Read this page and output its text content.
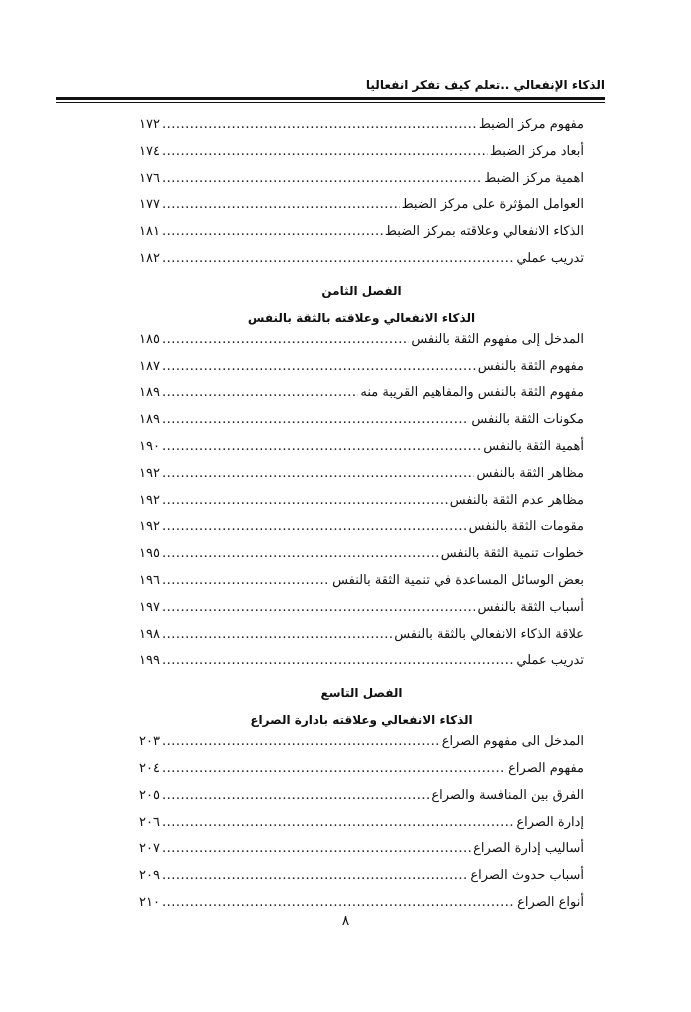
الذكاء الإنفعالي ..تعلم كيف تفكر انفعاليا
مفهوم مركز الضبط
.....
١٧٢
أبعاد مركز الضبط
.....
١٧٤
اهمية مركز الضبط
.....
١٧٦
العوامل المؤثرة على مركز الضبط
.....
١٧٧
الذكاء الانفعالي وعلاقته بمركز الضبط
.....
١٨١
تدريب عملي
.....
١٨٢
الفصل الثامن
الذكاء الانفعالي وعلاقته بالثقة بالنفس
المدخل إلى مفهوم الثقة بالنفس
.....
١٨٥
مفهوم الثقة بالنفس
.....
١٨٧
مفهوم الثقة بالنفس والمفاهيم القريبة منه
.....
١٨٩
مكونات الثقة بالنفس
.....
١٨٩
أهمية الثقة بالنفس
.....
١٩٠
مظاهر الثقة بالنفس
.....
١٩٢
مظاهر عدم الثقة بالنفس
.....
١٩٢
مقومات الثقة بالنفس
.....
١٩٢
خطوات تنمية الثقة بالنفس
.....
١٩٥
بعض الوسائل المساعدة في تنمية الثقة بالنفس
.....
١٩٦
أسباب الثقة بالنفس
.....
١٩٧
علاقة الذكاء الانفعالي بالثقة بالنفس
.....
١٩٨
تدريب عملي
.....
١٩٩
الفصل التاسع
الذكاء الانفعالي وعلاقته بادارة الصراع
المدخل الى مفهوم الصراع
.....
٢٠٣
مفهوم الصراع
.....
٢٠٤
الفرق بين المنافسة والصراع
.....
٢٠٥
إدارة الصراع
.....
٢٠٦
أساليب إدارة الصراع
.....
٢٠٧
أسباب حدوث الصراع
.....
٢٠٩
أنواع الصراع
.....
٢١٠
٨
